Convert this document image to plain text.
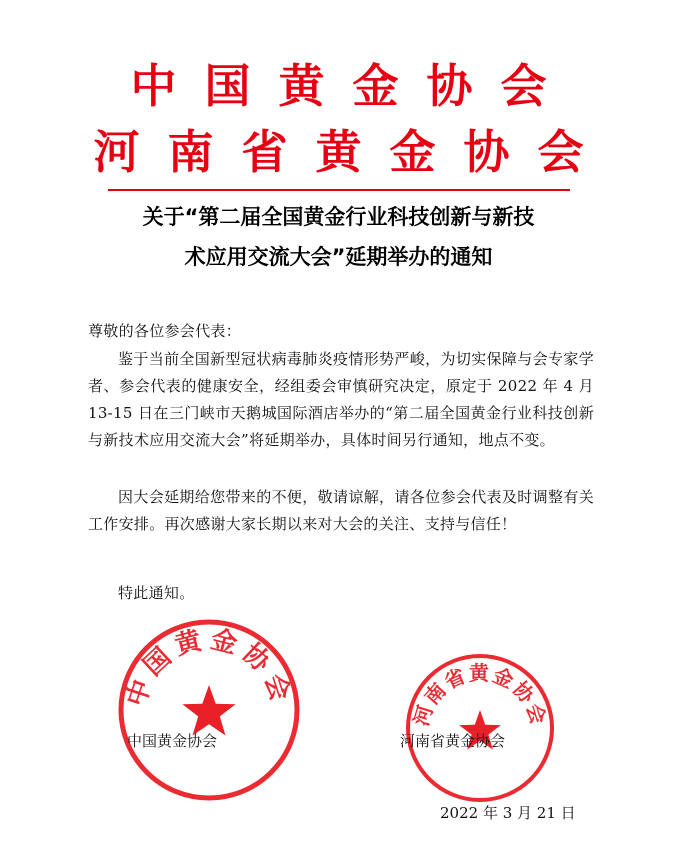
中国黄金协会
河南省黄金协会
关于“第二届全国黄金行业科技创新与新技
术应用交流大会”延期举办的通知
尊敬的各位参会代表：
鉴于当前全国新型冠状病毒肺炎疫情形势严峻，为切实保障与会专家学者、参会代表的健康安全，经组委会审慎研究决定，原定于 2022 年 4 月 13-15 日在三门峡市天鹅城国际酒店举办的“第二届全国黄金行业科技创新与新技术应用交流大会”将延期举办，具体时间另行通知，地点不变。
因大会延期给您带来的不便，敬请谅解，请各位参会代表及时调整有关工作安排。再次感谢大家长期以来对大会的关注、支持与信任！
特此通知。
中国黄金协会
河南省黄金协会
中国黄金协会	河南省黄金协会
2022 年 3 月 21 日
